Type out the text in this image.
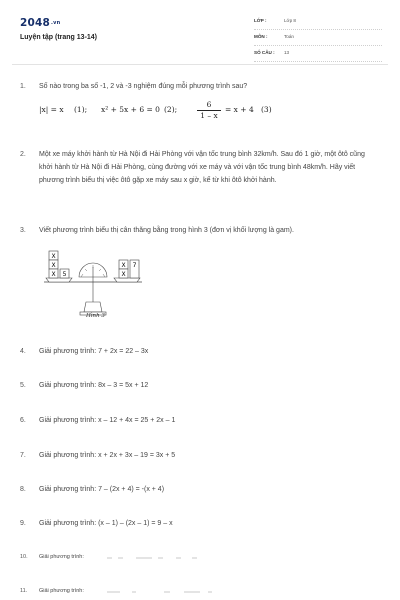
2048.vn
Luyện tập (trang 13-14)
LỚP :	Lớp 8
MÔN :	Toán
SỐ CÂU : 13
1.	Số nào trong ba số -1, 2 và -3 nghiệm đúng mỗi phương trình sau?
|x| = x (1); x² + 5x + 6 = 0 (2);
6
1 – x
= x + 4 (3)
2.	Một xe máy khởi hành từ Hà Nội đi Hải Phòng với vận tốc trung bình 32km/h. Sau đó 1 giờ, một ôtô cũng khởi hành từ Hà Nội đi Hải Phòng, cùng đường với xe máy và với vận tốc trung bình 48km/h. Hãy viết phương trình biểu thị việc ôtô gặp xe máy sau x giờ, kể từ khi ôtô khởi hành.
3.	Viết phương trình biểu thị cân thăng bằng trong hình 3 (đơn vị khối lượng là gam).
X
X
X 5
X
X
7
Hình 3
4.	Giải phương trình: 7 + 2x = 22 – 3x
5.	Giải phương trình: 8x – 3 = 5x + 12
6.	Giải phương trình: x – 12 + 4x = 25 + 2x – 1
7.	Giải phương trình: x + 2x + 3x – 19 = 3x + 5
8.	Giải phương trình: 7 – (2x + 4) = -(x + 4)
9.	Giải phương trình: (x – 1) – (2x – 1) = 9 – x
10.	Giải phương trình:
11.	Giải phương trình:
